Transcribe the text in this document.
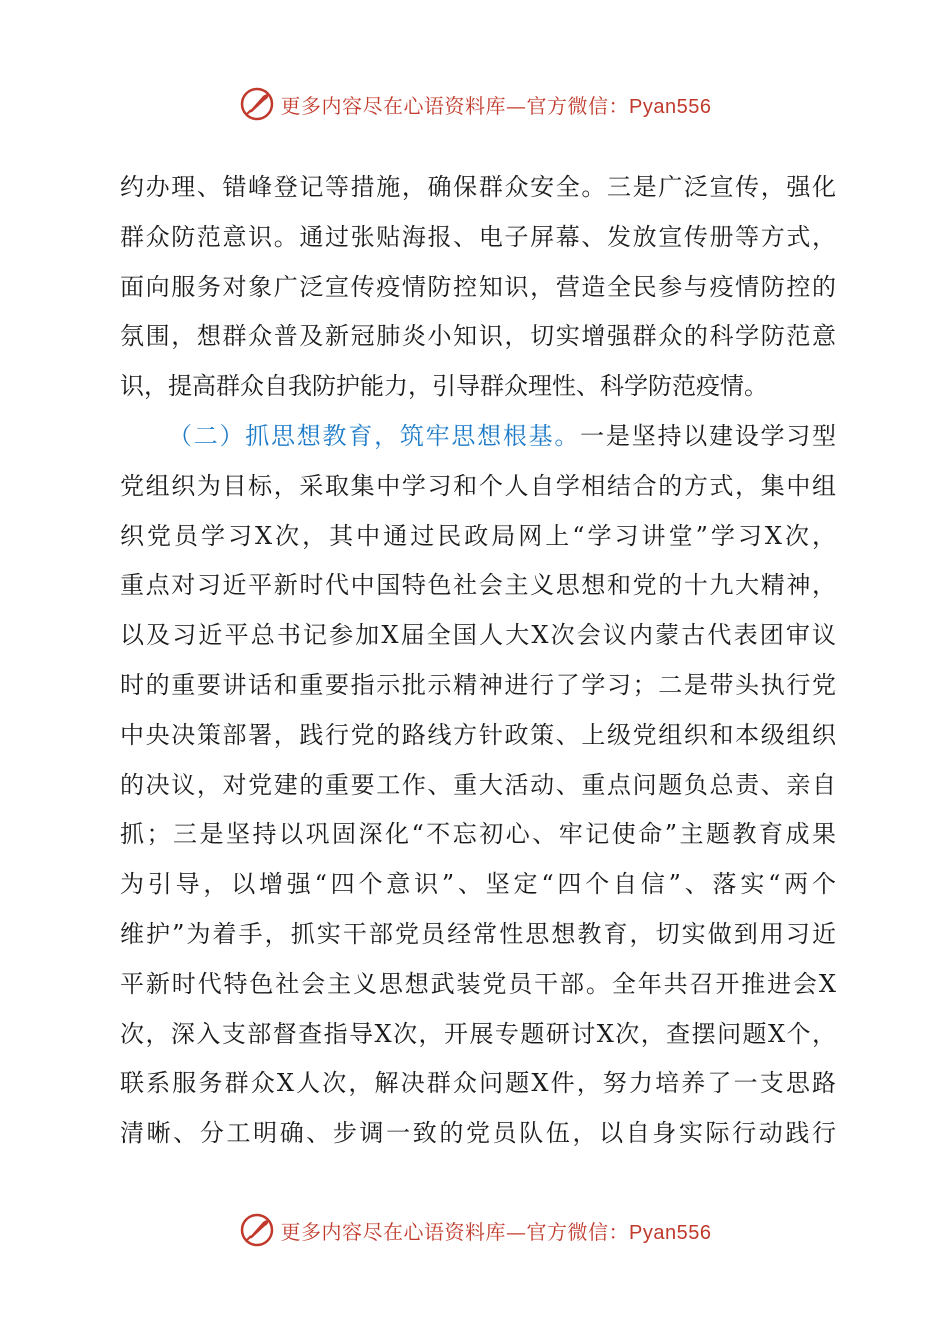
更多内容尽在心语资料库—官方微信：Pyan556
约办理、错峰登记等措施，确保群众安全。三是广泛宣传，强化
群众防范意识。通过张贴海报、电子屏幕、发放宣传册等方式，
面向服务对象广泛宣传疫情防控知识，营造全民参与疫情防控的
氛围，想群众普及新冠肺炎小知识，切实增强群众的科学防范意
识，提高群众自我防护能力，引导群众理性、科学防范疫情。
（二）抓思想教育，筑牢思想根基。一是坚持以建设学习型
党组织为目标，采取集中学习和个人自学相结合的方式，集中组
织党员学习X次，其中通过民政局网上“学习讲堂”学习X次，
重点对习近平新时代中国特色社会主义思想和党的十九大精神，
以及习近平总书记参加X届全国人大X次会议内蒙古代表团审议
时的重要讲话和重要指示批示精神进行了学习；二是带头执行党
中央决策部署，践行党的路线方针政策、上级党组织和本级组织
的决议，对党建的重要工作、重大活动、重点问题负总责、亲自
抓；三是坚持以巩固深化“不忘初心、牢记使命”主题教育成果
为引导，以增强“四个意识”、坚定“四个自信”、落实“两个
维护”为着手，抓实干部党员经常性思想教育，切实做到用习近
平新时代特色社会主义思想武装党员干部。全年共召开推进会X
次，深入支部督查指导X次，开展专题研讨X次，查摆问题X个，
联系服务群众X人次，解决群众问题X件，努力培养了一支思路
清晰、分工明确、步调一致的党员队伍，以自身实际行动践行
更多内容尽在心语资料库—官方微信：Pyan556
